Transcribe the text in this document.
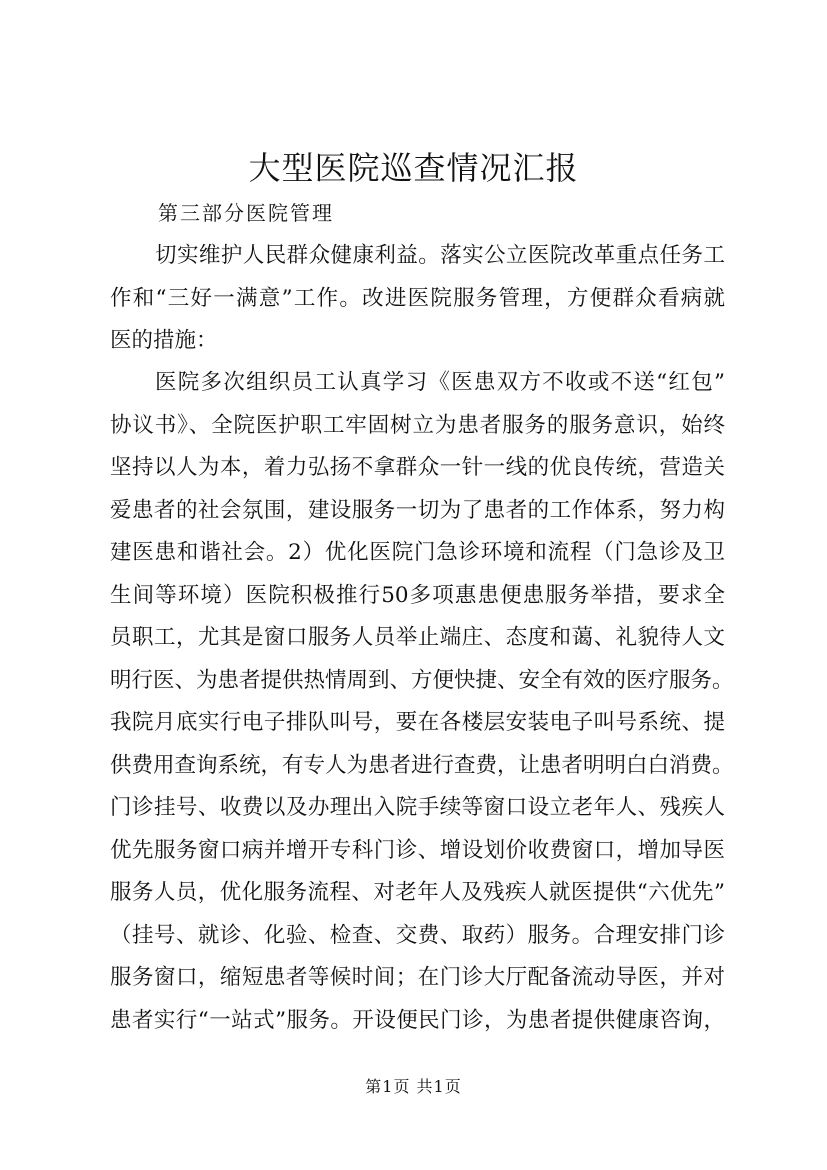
大型医院巡查情况汇报
第三部分医院管理
切实维护人民群众健康利益。落实公立医院改革重点任务工
作和“三好一满意”工作。改进医院服务管理，方便群众看病就
医的措施：
医院多次组织员工认真学习《医患双方不收或不送“红包”
协议书》、全院医护职工牢固树立为患者服务的服务意识，始终
坚持以人为本，着力弘扬不拿群众一针一线的优良传统，营造关
爱患者的社会氛围，建设服务一切为了患者的工作体系，努力构
建医患和谐社会。2）优化医院门急诊环境和流程（门急诊及卫
生间等环境）医院积极推行50多项惠患便患服务举措，要求全
员职工，尤其是窗口服务人员举止端庄、态度和蔼、礼貌待人文
明行医、为患者提供热情周到、方便快捷、安全有效的医疗服务。
我院月底实行电子排队叫号，要在各楼层安装电子叫号系统、提
供费用查询系统，有专人为患者进行查费，让患者明明白白消费。
门诊挂号、收费以及办理出入院手续等窗口设立老年人、残疾人
优先服务窗口病并增开专科门诊、增设划价收费窗口，增加导医
服务人员，优化服务流程、对老年人及残疾人就医提供“六优先”
（挂号、就诊、化验、检查、交费、取药）服务。合理安排门诊
服务窗口，缩短患者等候时间；在门诊大厅配备流动导医，并对
患者实行“一站式”服务。开设便民门诊，为患者提供健康咨询，
第1页 共1页
